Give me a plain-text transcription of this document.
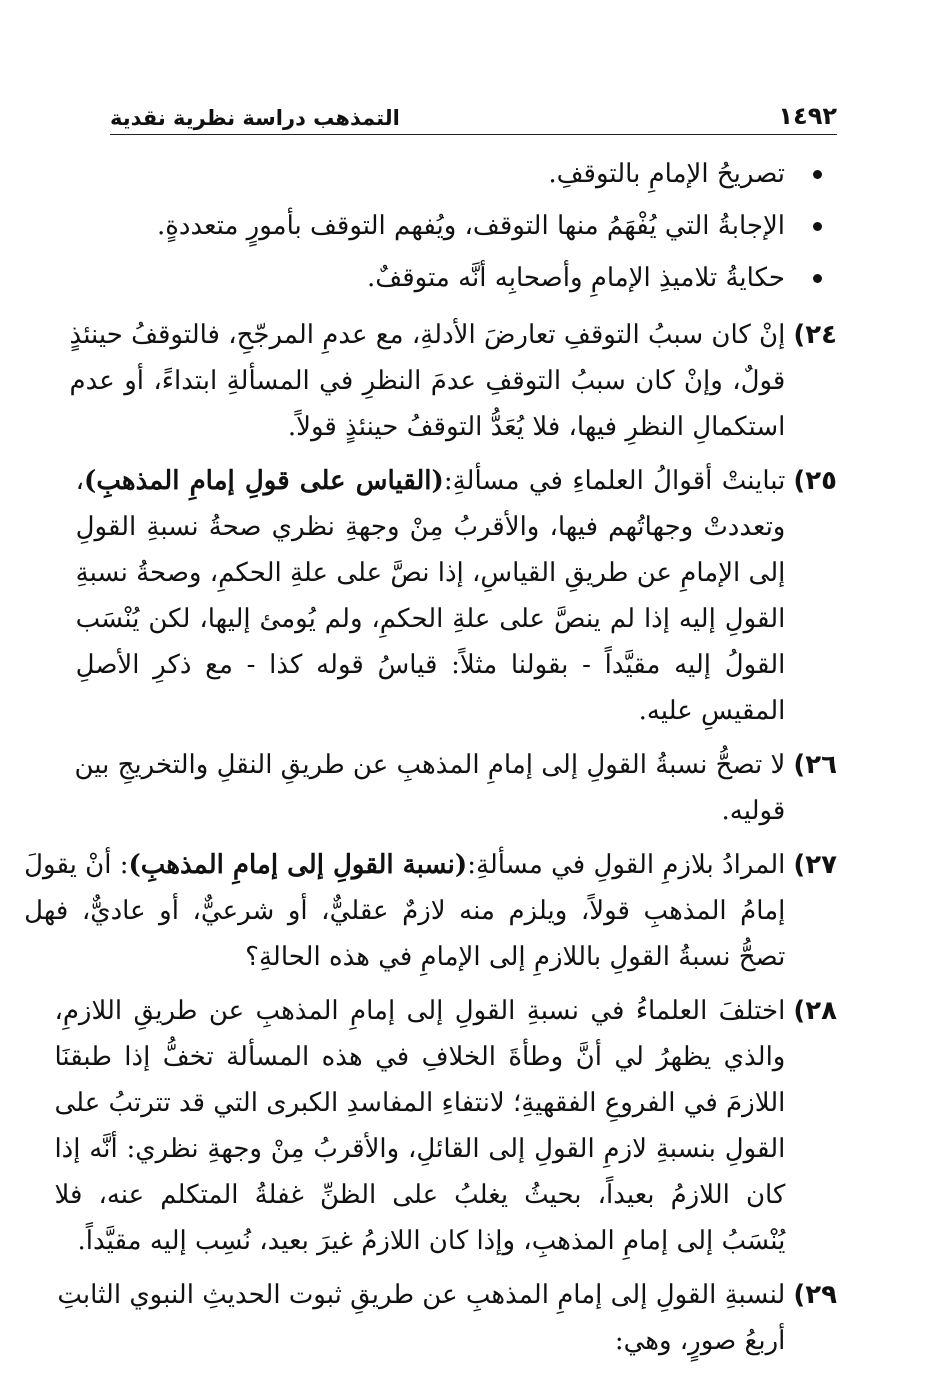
١٤٩٢
التمذهب دراسة نظرية نقدية
تصريحُ الإمامِ بالتوقفِ.
الإجابةُ التي يُفْهَمُ منها التوقف، ويُفهم التوقف بأمورٍ متعددةٍ.
حكايةُ تلاميذِ الإمامِ وأصحابِه أنَّه متوقفٌ.
٢٤)
إنْ كان سببُ التوقفِ تعارضَ الأدلةِ، مع عدمِ المرجّحِ، فالتوقفُ حينئذٍ
قولٌ، وإنْ كان سببُ التوقفِ عدمَ النظرِ في المسألةِ ابتداءً، أو عدم
استكمالِ النظرِ فيها، فلا يُعَدُّ التوقفُ حينئذٍ قولاً.
٢٥)
تباينتْ أقوالُ العلماءِ في مسألةِ:(القياس على قولِ إمامِ المذهبِ)،
وتعددتْ وجهاتُهم فيها، والأقربُ مِنْ وجهةِ نظري صحةُ نسبةِ القولِ
إلى الإمامِ عن طريقِ القياسِ، إذا نصَّ على علةِ الحكمِ، وصحةُ نسبةِ
القولِ إليه إذا لم ينصَّ على علةِ الحكمِ، ولم يُومئ إليها، لكن يُنْسَب
القولُ إليه مقيَّداً - بقولنا مثلاً: قياسُ قوله كذا - مع ذكرِ الأصلِ
المقيسِ عليه.
٢٦)
لا تصحُّ نسبةُ القولِ إلى إمامِ المذهبِ عن طريقِ النقلِ والتخريجِ بين
قوليه.
٢٧)
المرادُ بلازمِ القولِ في مسألةِ:(نسبة القولِ إلى إمامِ المذهبِ): أنْ يقولَ
إمامُ المذهبِ قولاً، ويلزم منه لازمٌ عقليٌّ، أو شرعيٌّ، أو عاديٌّ، فهل
تصحُّ نسبةُ القولِ باللازمِ إلى الإمامِ في هذه الحالةِ؟
٢٨)
اختلفَ العلماءُ في نسبةِ القولِ إلى إمامِ المذهبِ عن طريقِ اللازمِ،
والذي يظهرُ لي أنَّ وطأةَ الخلافِ في هذه المسألة تخفُّ إذا طبقنَا
اللازمَ في الفروعِ الفقهيةِ؛ لانتفاءِ المفاسدِ الكبرى التي قد تترتبُ على
القولِ بنسبةِ لازمِ القولِ إلى القائلِ، والأقربُ مِنْ وجهةِ نظري: أنَّه إذا
كان اللازمُ بعيداً، بحيثُ يغلبُ على الظنِّ غفلةُ المتكلم عنه، فلا
يُنْسَبُ إلى إمامِ المذهبِ، وإذا كان اللازمُ غيرَ بعيد، نُسِب إليه مقيَّداً.
٢٩)
لنسبةِ القولِ إلى إمامِ المذهبِ عن طريقِ ثبوت الحديثِ النبوي الثابتِ
أربعُ صورٍ، وهي:
